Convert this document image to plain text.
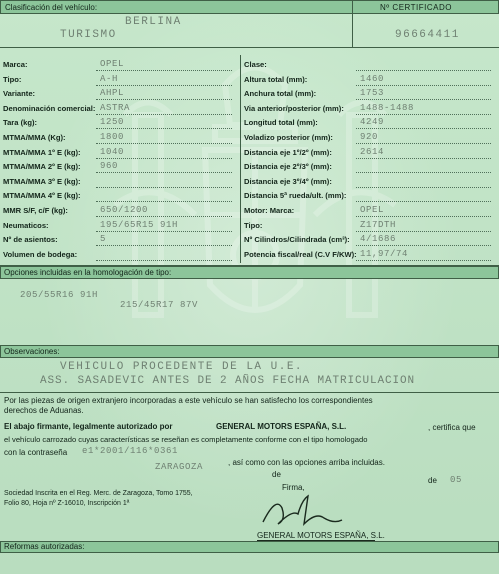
Clasificación del vehículo:	Nº CERTIFICADO
BERLINA
TURISMO	96664411
Marca:	OPEL
Tipo:	A-H
Variante:	AHPL
Denominación comercial: ASTRA
Tara (kg):	1250
MTMA/MMA (Kg):	1800
MTMA/MMA 1º E (kg): 1040
MTMA/MMA 2º E (kg): 960
MTMA/MMA 3º E (kg):
MTMA/MMA 4º E (kg):
MMR S/F, c/F (kg):	650/1200
Neumaticos:	195/65R15 91H
Nº de asientos:	5
Volumen de bodega:
Clase:
Altura total (mm):	1460
Anchura total (mm):	1753
Via anterior/posterior (mm): 1488-1488
Longitud total (mm):	4249
Voladizo posterior (mm):	920
Distancia eje 1º/2º (mm):	2614
Distancia eje 2º/3º (mm):
Distancia eje 3º/4º (mm):
Distancia 5ª rueda/ult. (mm):
Motor: Marca:	OPEL
Tipo:	Z17DTH
Nº Cilindros/Cilindrada (cm³): 4/1686
Potencia fiscal/real (C.V F/KW): 11,97/74
Opciones incluidas en la homologación de tipo:
205/55R16 91H
215/45R17 87V
Observaciones:
VEHICULO PROCEDENTE DE LA U.E.
ASS. SASADEVIC ANTES DE 2 AÑOS FECHA MATRICULACION
Por las piezas de origen extranjero incorporadas a este vehículo se han satisfecho los correspondientes
derechos de Aduanas.
El abajo firmante, legalmente autorizado por	GENERAL MOTORS ESPAÑA, S.L.	, certifica que
el vehículo carrozado cuyas características se reseñan es completamente conforme con el tipo homologado
con la contraseña e1*2001/116*0361
, así como con las opciones arriba incluidas.
ZARAGOZA
de
de 05
Firma,
Sociedad Inscrita en el Reg. Merc. de Zaragoza, Tomo 1755,
Folio 80, Hoja nº Z-16010, Inscripción 1ª
GENERAL MOTORS ESPAÑA, S.L.
Reformas autorizadas:
